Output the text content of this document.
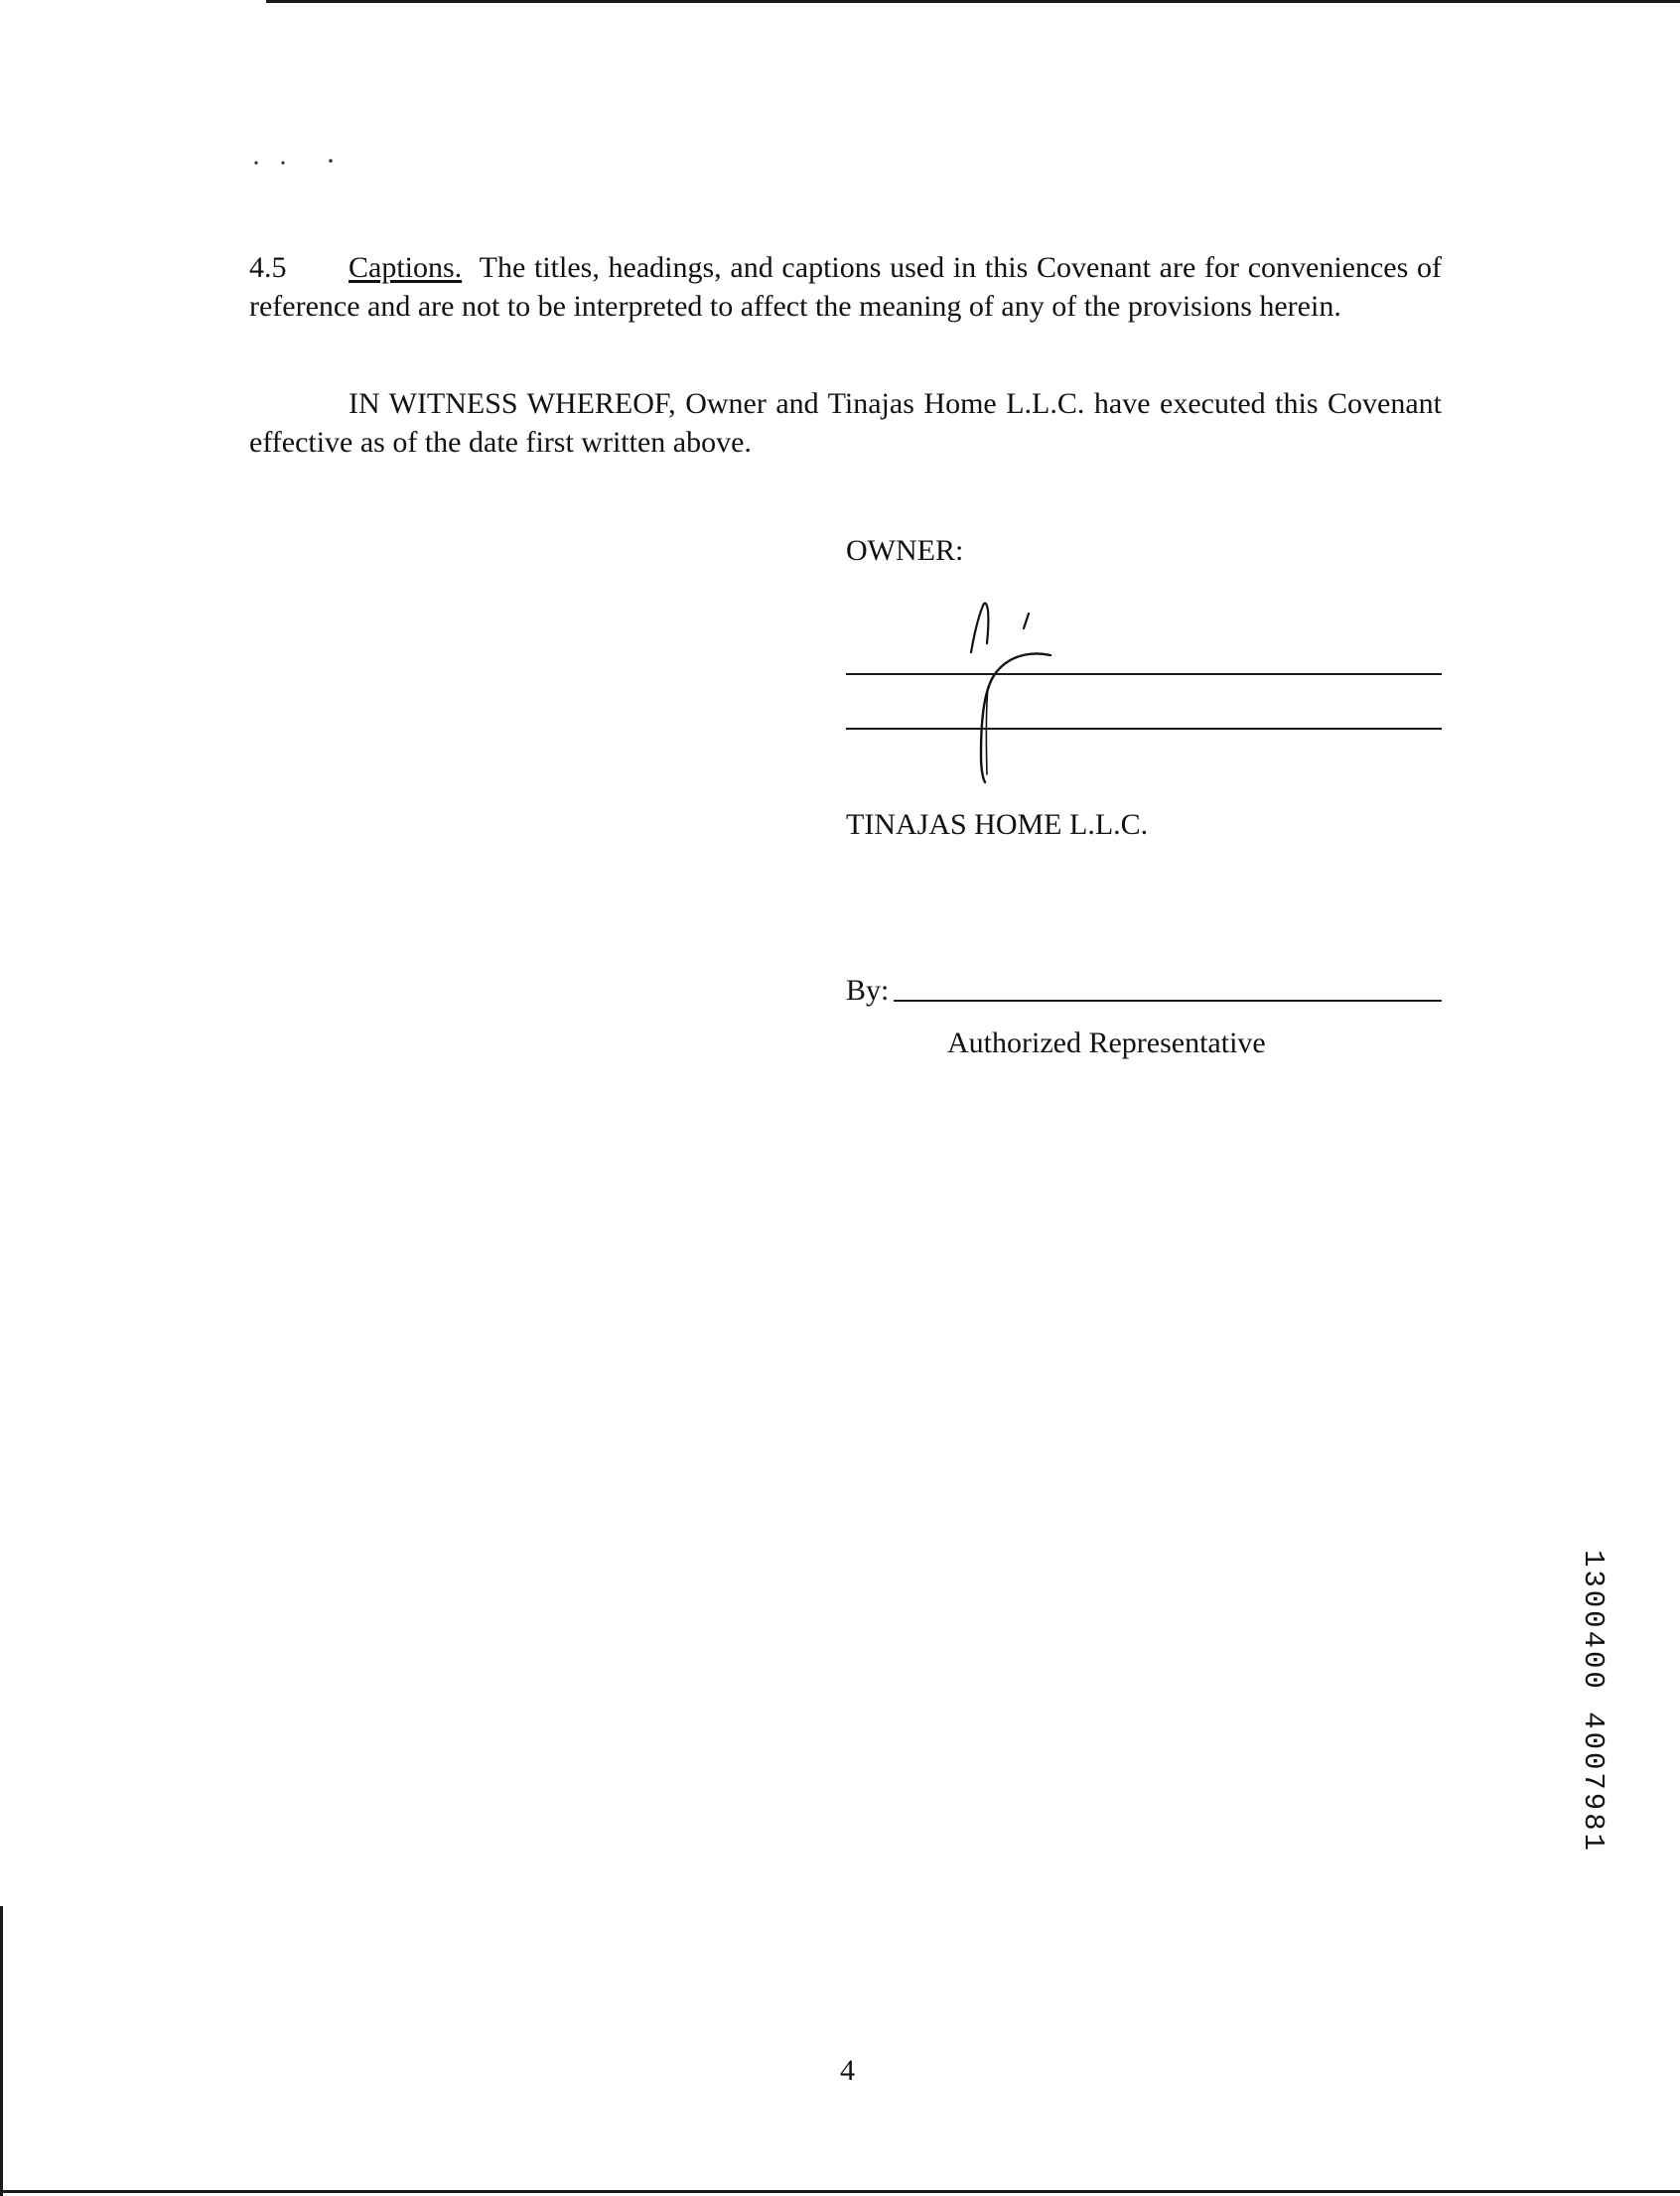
4.5 Captions. The titles, headings, and captions used in this Covenant are for conveniences of reference and are not to be interpreted to affect the meaning of any of the provisions herein.

IN WITNESS WHEREOF, Owner and Tinajas Home L.L.C. have executed this Covenant effective as of the date first written above.

OWNER:
TINAJAS HOME L.L.C.
By:
Authorized Representative
1300400 4007981
4
